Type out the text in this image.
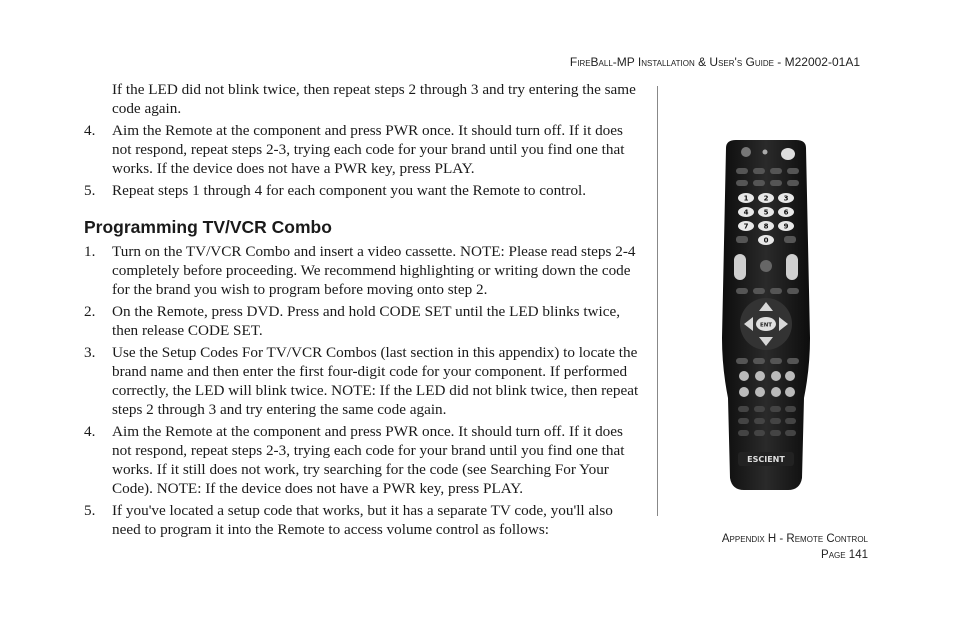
FireBall-MP Installation & User's Guide - M22002-01A1
If the LED did not blink twice, then repeat steps 2 through 3 and try entering the same code again.
4.	Aim the Remote at the component and press PWR once. It should turn off. If it does not respond, repeat steps 2-3, trying each code for your brand until you find one that works. If the device does not have a PWR key, press PLAY.
5.	Repeat steps 1 through 4 for each component you want the Remote to control.
Programming TV/VCR Combo
1.	Turn on the TV/VCR Combo and insert a video cassette. NOTE: Please read steps 2-4 completely before proceeding. We recommend highlighting or writing down the code for the brand you wish to program before moving onto step 2.
2.	On the Remote, press DVD. Press and hold CODE SET until the LED blinks twice, then release CODE SET.
3.	Use the Setup Codes For TV/VCR Combos (last section in this appendix) to locate the brand name and then enter the first four-digit code for your component. If performed correctly, the LED will blink twice. NOTE: If the LED did not blink twice, then repeat steps 2 through 3 and try entering the same code again.
4.	Aim the Remote at the component and press PWR once. It should turn off. If it does not respond, repeat steps 2-3, trying each code for your brand until you find one that works. If it still does not work, try searching for the code (see Searching For Your Code). NOTE: If the device does not have a PWR key, press PLAY.
5.	If you've located a setup code that works, but it has a separate TV code, you'll also need to program it into the Remote to access volume control as follows:
1 2 3
4 5 6
7 8 9
0
ENT
ESCIENT
Appendix H - Remote Control
Page 141
